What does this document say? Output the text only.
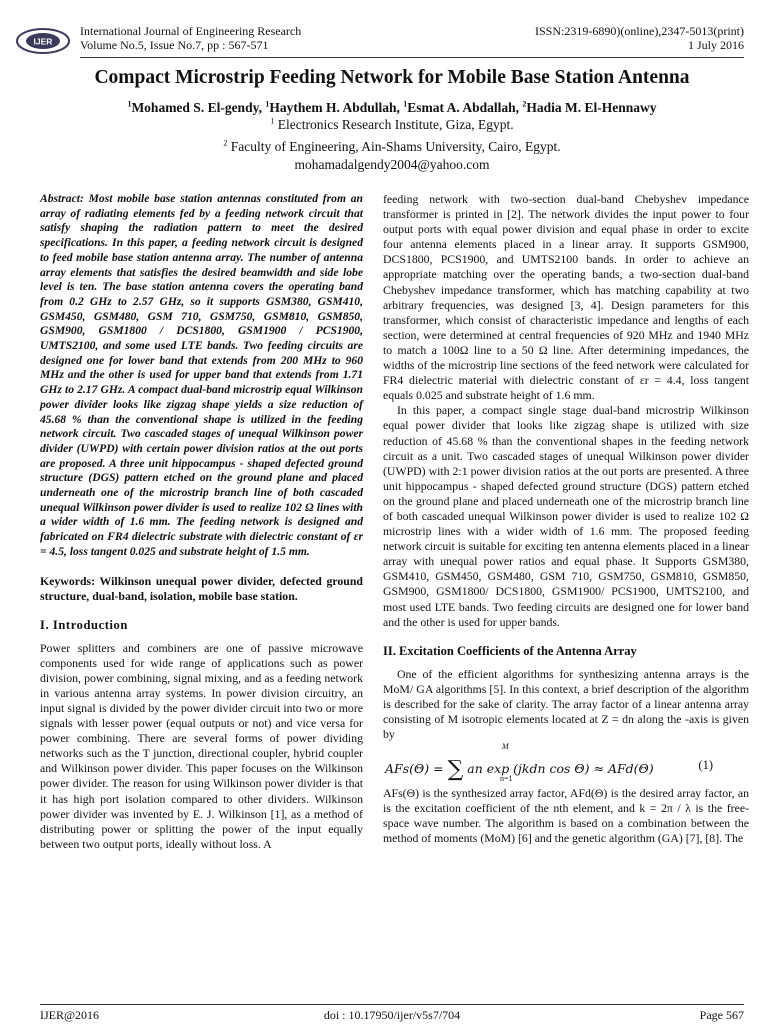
IJER
International Journal of Engineering Research
Volume No.5, Issue No.7, pp : 567-571
ISSN:2319-6890)(online),2347-5013(print)
1 July 2016
Compact Microstrip Feeding Network for Mobile Base Station Antenna
$^1$Mohamed S. El-gendy, $^1$Haythem H. Abdullah, $^1$Esmat A. Abdallah, $^2$Hadia M. El-Hennawy
$^1$ Electronics Research Institute, Giza, Egypt.
$^2$ Faculty of Engineering, Ain-Shams University, Cairo, Egypt.
mohamadalgendy2004@yahoo.com

Abstract: Most mobile base station antennas constituted from an array of radiating elements fed by a feeding network circuit that satisfy shaping the radiation pattern to meet the desired specifications. In this paper, a feeding network circuit is designed to feed mobile base station antenna array. The number of antenna array elements that satisfies the desired beamwidth and side lobe level is ten. The base station antenna covers the operating band from 0.2 GHz to 2.57 GHz, so it supports GSM380, GSM410, GSM450, GSM480, GSM 710, GSM750, GSM810, GSM850, GSM900, GSM1800 / DCS1800, GSM1900 / PCS1900, UMTS2100, and some used LTE bands. Two feeding circuits are designed one for lower band that extends from 200 MHz to 960 MHz and the other is used for upper band that extends from 1.71 GHz to 2.17 GHz. A compact dual-band microstrip equal Wilkinson power divider looks like zigzag shape yields a size reduction of 45.68 % than the conventional shape is utilized in the feeding network circuit. Two cascaded stages of unequal Wilkinson power divider (UWPD) with certain power division ratios at the out ports are proposed. A three unit hippocampus - shaped defected ground structure (DGS) pattern etched on the ground plane and placed underneath one of the microstrip branch line of both cascaded unequal Wilkinson power divider is used to realize 102 Ω lines with a wider width of 1.6 mm. The feeding network is designed and fabricated on FR4 dielectric substrate with dielectric constant of εr = 4.5, loss tangent 0.025 and substrate height of 1.5 mm.

Keywords: Wilkinson unequal power divider, defected ground structure, dual-band, isolation, mobile base station.

I. Introduction

Power splitters and combiners are one of passive microwave components used for wide range of applications such as power division, power combining, signal mixing, and as a feeding network in various antenna array systems. In power division circuitry, an input signal is divided by the power divider circuit into two or more signals with lesser power (equal outputs or not) and vice versa for power combining. There are several forms of power dividing networks such as the T junction, directional coupler, hybrid coupler and Wilkinson power divider. This paper focuses on the Wilkinson power divider. The reason for using Wilkinson power divider is that it has high port isolation compared to other dividers. Wilkinson power divider was invented by E. J. Wilkinson [1], as a method of distributing power or splitting the power of the input equally between two output ports, ideally without loss. A

feeding network with two-section dual-band Chebyshev impedance transformer is printed in [2]. The network divides the input power to four output ports with equal power division and equal phase in order to excite four antenna elements placed in a linear array. It supports GSM900, DCS1800, PCS1900, and UMTS2100 bands. In order to achieve an appropriate matching over the operating bands, a two-section dual-band Chebyshev impedance transformer, which has matching capability at two arbitrary frequencies, was designed [3, 4]. Design parameters for this transformer, which consist of characteristic impedance and lengths of each section, were determined at central frequencies of 920 MHz and 1940 MHz to match a 100Ω line to a 50 Ω line. After determining impedances, the widths of the microstrip line sections of the feed network were calculated for FR4 dielectric material with dielectric constant of εr = 4.4, loss tangent equals 0.025 and substrate height of 1.6 mm.

In this paper, a compact single stage dual-band microstrip Wilkinson equal power divider that looks like zigzag shape is utilized with size reduction of 45.68 % than the conventional shapes in the feeding network circuit as a unit. Two cascaded stages of unequal Wilkinson power divider (UWPD) with 2:1 power division ratios at the out ports are presented. A three unit hippocampus - shaped defected ground structure (DGS) pattern etched on the ground plane and placed underneath one of the microstrip branch line of both cascaded unequal Wilkinson power divider is used to realize 102 Ω microstrip lines with a wider width of 1.6 mm. The proposed feeding network circuit is suitable for exciting ten antenna elements placed in a linear array with unequal power ratios and equal phase. It Supports GSM380, GSM410, GSM450, GSM480, GSM 710, GSM750, GSM810, GSM850, GSM900, GSM1800/ DCS1800, GSM1900/ PCS1900, UMTS2100, and most used LTE bands. Two feeding circuits are designed one for lower band and the other is used for upper bands.

II. Excitation Coefficients of the Antenna Array

One of the efficient algorithms for synthesizing antenna arrays is the MoM/ GA algorithms [5]. In this context, a brief description of the algorithm is described for the sake of clarity. The array factor of a linear antenna array consisting of M isotropic elements located at Z = dn along the -axis is given by

AFs(Θ) = ∑ an exp (jkdn cos Θ) ≈ AFd(Θ)
M
n=1
(1)

AFs(Θ) is the synthesized array factor, AFd(Θ) is the desired array factor, an is the excitation coefficient of the nth element, and k = 2π / λ is the free-space wave number. The algorithm is based on a combination between the method of moments (MoM) [6] and the genetic algorithm (GA) [7], [8]. The

IJER@2016	doi : 10.17950/ijer/v5s7/704	Page 567
